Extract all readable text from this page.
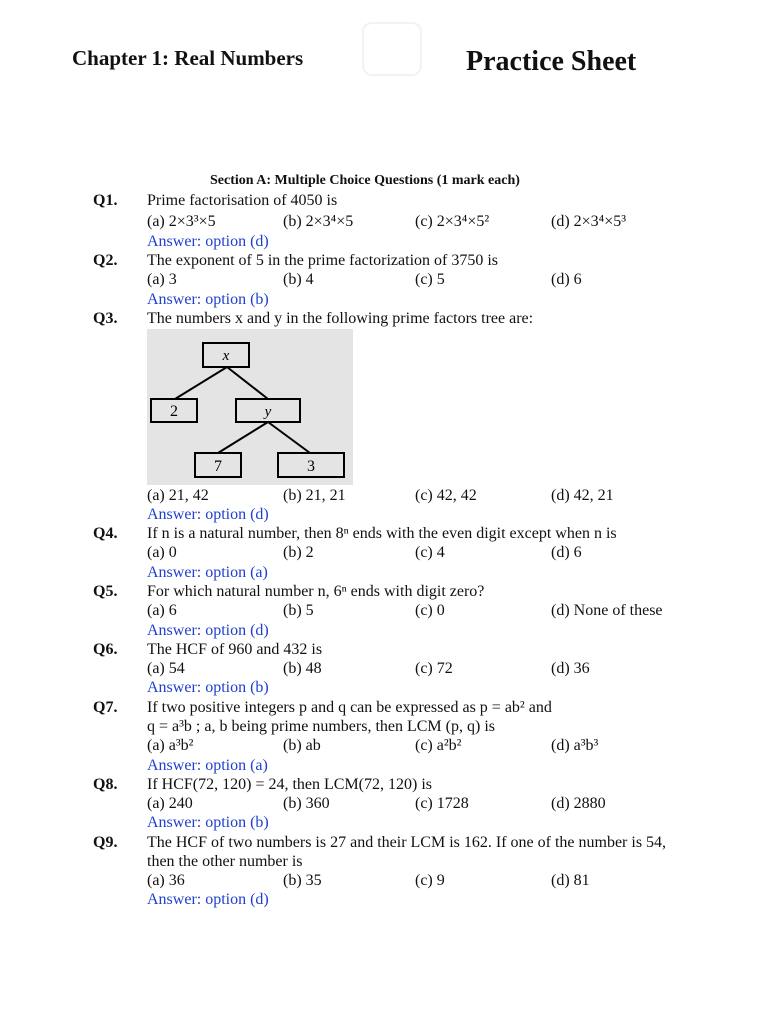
Chapter 1: Real Numbers	Practice Sheet
Section A: Multiple Choice Questions (1 mark each)
Q1. Prime factorisation of 4050 is
(a) 2×3³×5	(b) 2×3⁴×5	(c) 2×3⁴×5²	(d) 2×3⁴×5³
Answer: option (d)
Q2. The exponent of 5 in the prime factorization of 3750 is
(a) 3	(b) 4	(c) 5	(d) 6
Answer: option (b)
Q3. The numbers x and y in the following prime factors tree are:
x
2	y
7	3
(a) 21, 42	(b) 21, 21	(c) 42, 42	(d) 42, 21
Answer: option (d)
Q4. If n is a natural number, then 8ⁿ ends with the even digit except when n is
(a) 0	(b) 2	(c) 4	(d) 6
Answer: option (a)
Q5. For which natural number n, 6ⁿ ends with digit zero?
(a) 6	(b) 5	(c) 0	(d) None of these
Answer: option (d)
Q6. The HCF of 960 and 432 is
(a) 54	(b) 48	(c) 72	(d) 36
Answer: option (b)
Q7. If two positive integers p and q can be expressed as p = ab² and
q = a³b ; a, b being prime numbers, then LCM (p, q) is
(a) a³b²	(b) ab	(c) a²b²	(d) a³b³
Answer: option (a)
Q8. If HCF(72, 120) = 24, then LCM(72, 120) is
(a) 240	(b) 360	(c) 1728	(d) 2880
Answer: option (b)
Q9. The HCF of two numbers is 27 and their LCM is 162. If one of the number is 54,
then the other number is
(a) 36	(b) 35	(c) 9	(d) 81
Answer: option (d)
